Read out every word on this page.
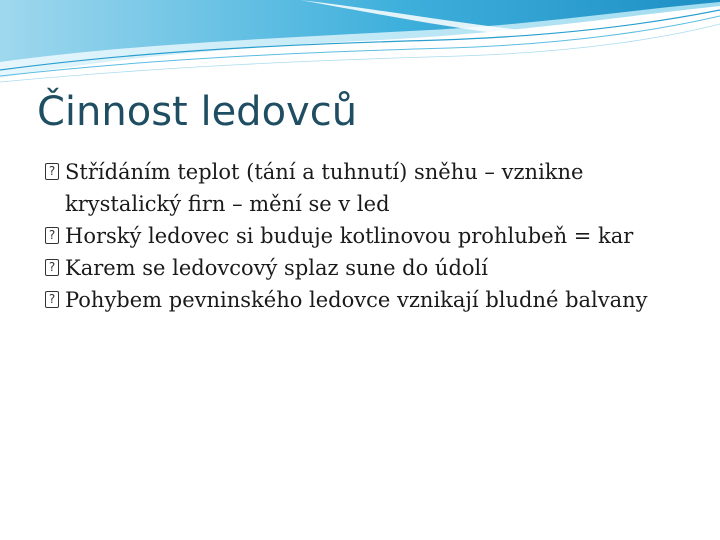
Činnost ledovců
?
Střídáním teplot (tání a tuhnutí) sněhu – vznikne krystalický firn – mění se v led
?
Horský ledovec si buduje kotlinovou prohlubeň = kar
?
Karem se ledovcový splaz sune do údolí
?
Pohybem pevninského ledovce vznikají bludné balvany
